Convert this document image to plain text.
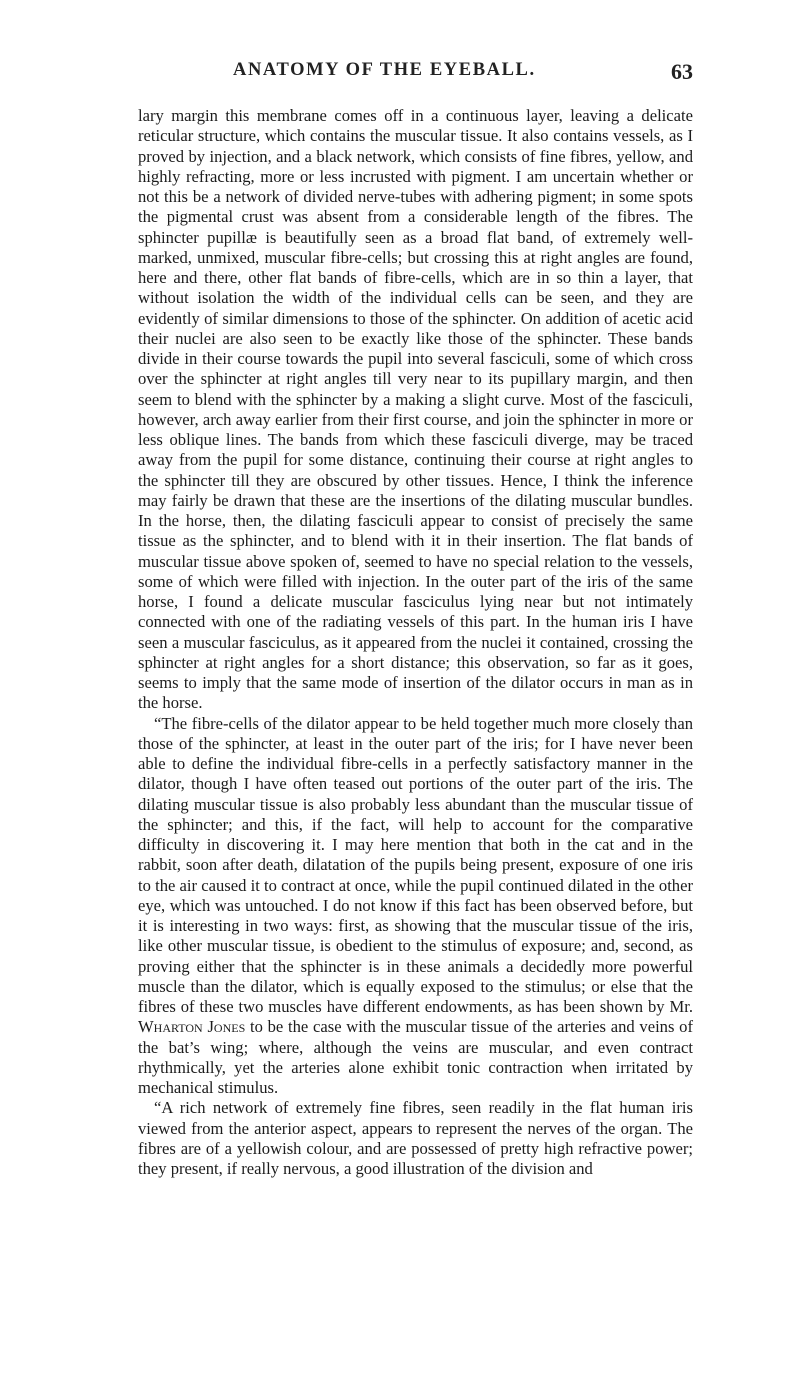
ANATOMY OF THE EYEBALL.	63

lary margin this membrane comes off in a continuous layer, leaving a delicate reticular structure, which contains the muscular tissue. It also contains vessels, as I proved by injection, and a black network, which consists of fine fibres, yellow, and highly refracting, more or less incrusted with pigment. I am uncertain whether or not this be a network of divided nerve-tubes with adhering pigment; in some spots the pigmental crust was absent from a considerable length of the fibres. The sphincter pupillæ is beautifully seen as a broad flat band, of extremely well-marked, unmixed, muscular fibre-cells; but crossing this at right angles are found, here and there, other flat bands of fibre-cells, which are in so thin a layer, that without isolation the width of the individual cells can be seen, and they are evidently of similar dimensions to those of the sphincter. On addition of acetic acid their nuclei are also seen to be exactly like those of the sphincter. These bands divide in their course towards the pupil into several fasciculi, some of which cross over the sphincter at right angles till very near to its pupillary margin, and then seem to blend with the sphincter by a making a slight curve. Most of the fasciculi, however, arch away earlier from their first course, and join the sphincter in more or less oblique lines. The bands from which these fasciculi diverge, may be traced away from the pupil for some distance, continuing their course at right angles to the sphincter till they are obscured by other tissues. Hence, I think the inference may fairly be drawn that these are the insertions of the dilating muscular bundles. In the horse, then, the dilating fasciculi appear to consist of precisely the same tissue as the sphincter, and to blend with it in their insertion. The flat bands of muscular tissue above spoken of, seemed to have no special relation to the vessels, some of which were filled with injection. In the outer part of the iris of the same horse, I found a delicate muscular fasciculus lying near but not intimately connected with one of the radiating vessels of this part. In the human iris I have seen a muscular fasciculus, as it appeared from the nuclei it contained, crossing the sphincter at right angles for a short distance; this observation, so far as it goes, seems to imply that the same mode of insertion of the dilator occurs in man as in the horse.

“The fibre-cells of the dilator appear to be held together much more closely than those of the sphincter, at least in the outer part of the iris; for I have never been able to define the individual fibre-cells in a perfectly satisfactory manner in the dilator, though I have often teased out portions of the outer part of the iris. The dilating muscular tissue is also probably less abundant than the muscular tissue of the sphincter; and this, if the fact, will help to account for the comparative difficulty in discovering it. I may here mention that both in the cat and in the rabbit, soon after death, dilatation of the pupils being present, exposure of one iris to the air caused it to contract at once, while the pupil continued dilated in the other eye, which was untouched. I do not know if this fact has been observed before, but it is interesting in two ways: first, as showing that the muscular tissue of the iris, like other muscular tissue, is obedient to the stimulus of exposure; and, second, as proving either that the sphincter is in these animals a decidedly more powerful muscle than the dilator, which is equally exposed to the stimulus; or else that the fibres of these two muscles have different endowments, as has been shown by Mr. Wharton Jones to be the case with the muscular tissue of the arteries and veins of the bat’s wing; where, although the veins are muscular, and even contract rhythmically, yet the arteries alone exhibit tonic contraction when irritated by mechanical stimulus.

“A rich network of extremely fine fibres, seen readily in the flat human iris viewed from the anterior aspect, appears to represent the nerves of the organ. The fibres are of a yellowish colour, and are possessed of pretty high refractive power; they present, if really nervous, a good illustration of the division and
